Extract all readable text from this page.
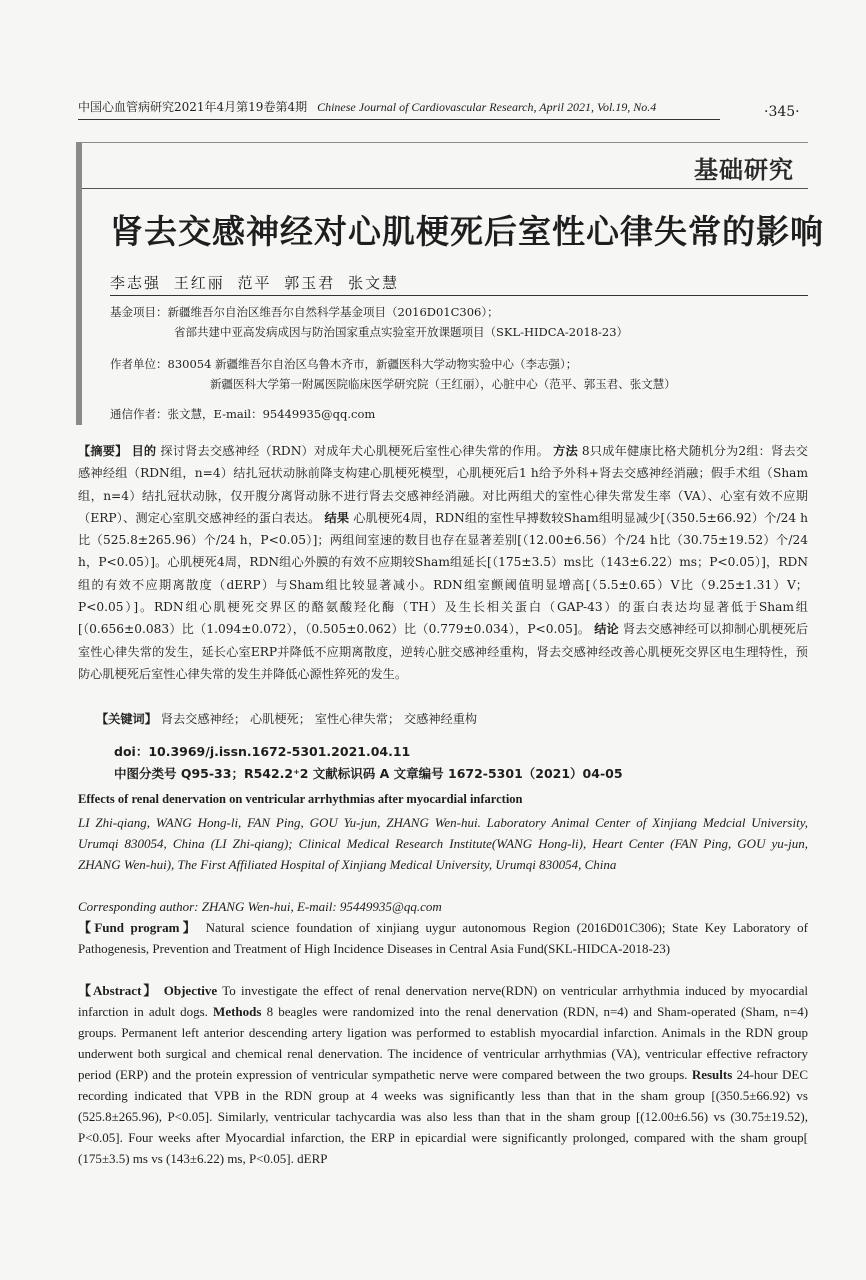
中国心血管病研究2021年4月第19卷第4期 Chinese Journal of Cardiovascular Research, April 2021, Vol.19, No.4	·345·
基础研究
肾去交感神经对心肌梗死后室性心律失常的影响
李志强 王红丽 范平 郭玉君 张文慧
基金项目：新疆维吾尔自治区维吾尔自然科学基金项目（2016D01C306）；
省部共建中亚高发病成因与防治国家重点实验室开放课题项目（SKL-HIDCA-2018-23）
作者单位：830054 新疆维吾尔自治区乌鲁木齐市，新疆医科大学动物实验中心（李志强）；
新疆医科大学第一附属医院临床医学研究院（王红丽），心脏中心（范平、郭玉君、张文慧）
通信作者：张文慧，E-mail：95449935@qq.com
【摘要】 目的 探讨肾去交感神经（RDN）对成年犬心肌梗死后室性心律失常的作用。 方法 8只成年健康比格犬随机分为2组：肾去交感神经组（RDN组，n=4）结扎冠状动脉前降支构建心肌梗死模型，心肌梗死后1 h给予外科+肾去交感神经消融；假手术组（Sham组，n=4）结扎冠状动脉，仅开腹分离肾动脉不进行肾去交感神经消融。对比两组犬的室性心律失常发生率（VA）、心室有效不应期（ERP）、测定心室肌交感神经的蛋白表达。 结果 心肌梗死4周，RDN组的室性早搏数较Sham组明显减少[（350.5±66.92）个/24 h比（525.8±265.96）个/24 h，P<0.05）]；两组间室速的数目也存在显著差别[（12.00±6.56）个/24 h比（30.75±19.52）个/24 h，P<0.05）]。心肌梗死4周，RDN组心外膜的有效不应期较Sham组延长[（175±3.5）ms比（143±6.22）ms；P<0.05）]，RDN组的有效不应期离散度（dERP）与Sham组比较显著减小。RDN组室颤阈值明显增高[（5.5±0.65）V比（9.25±1.31）V；P<0.05）]。RDN组心肌梗死交界区的酪氨酸羟化酶（TH）及生长相关蛋白（GAP-43）的蛋白表达均显著低于Sham组[（0.656±0.083）比（1.094±0.072），（0.505±0.062）比（0.779±0.034），P<0.05]。 结论 肾去交感神经可以抑制心肌梗死后室性心律失常的发生，延长心室ERP并降低不应期离散度，逆转心脏交感神经重构，肾去交感神经改善心肌梗死交界区电生理特性，预防心肌梗死后室性心律失常的发生并降低心源性猝死的发生。
【关键词】 肾去交感神经； 心肌梗死； 室性心律失常； 交感神经重构
doi：10.3969/j.issn.1672-5301.2021.04.11
中图分类号 Q95-33；R542.2⁺2 文献标识码 A 文章编号 1672-5301（2021）04-05
Effects of renal denervation on ventricular arrhythmias after myocardial infarction
LI Zhi-qiang, WANG Hong-li, FAN Ping, GOU Yu-jun, ZHANG Wen-hui. Laboratory Animal Center of Xinjiang Medcial University, Urumqi 830054, China (LI Zhi-qiang); Clinical Medical Research Institute(WANG Hong-li), Heart Center (FAN Ping, GOU yu-jun, ZHANG Wen-hui), The First Affiliated Hospital of Xinjiang Medical University, Urumqi 830054, China
Corresponding author: ZHANG Wen-hui, E-mail: 95449935@qq.com
【Fund program】 Natural science foundation of xinjiang uygur autonomous Region (2016D01C306); State Key Laboratory of Pathogenesis, Prevention and Treatment of High Incidence Diseases in Central Asia Fund(SKL-HIDCA-2018-23)
【Abstract】 Objective To investigate the effect of renal denervation nerve(RDN) on ventricular arrhythmia induced by myocardial infarction in adult dogs. Methods 8 beagles were randomized into the renal denervation (RDN, n=4) and Sham-operated (Sham, n=4) groups. Permanent left anterior descending artery ligation was performed to establish myocardial infarction. Animals in the RDN group underwent both surgical and chemical renal denervation. The incidence of ventricular arrhythmias (VA), ventricular effective refractory period (ERP) and the protein expression of ventricular sympathetic nerve were compared between the two groups. Results 24-hour DEC recording indicated that VPB in the RDN group at 4 weeks was significantly less than that in the sham group [(350.5±66.92) vs (525.8±265.96), P<0.05]. Similarly, ventricular tachycardia was also less than that in the sham group [(12.00±6.56) vs (30.75±19.52), P<0.05]. Four weeks after Myocardial infarction, the ERP in epicardial were significantly prolonged, compared with the sham group[ (175±3.5) ms vs (143±6.22) ms, P<0.05]. dERP
